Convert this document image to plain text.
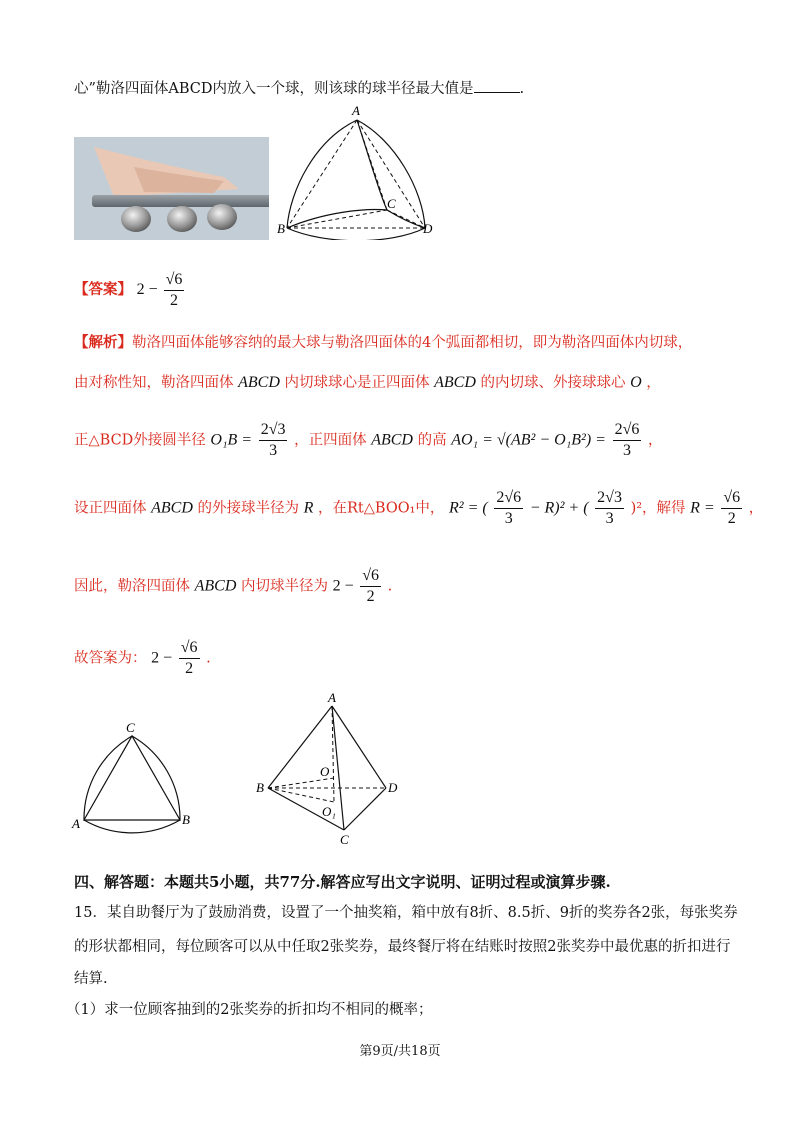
心”勒洛四面体ABCD内放入一个球，则该球的球半径最大值是	.
A
B
C
D
【答案】 $2 - \frac{√6}{2}$
【解析】勒洛四面体能够容纳的最大球与勒洛四面体的4个弧面都相切，即为勒洛四面体内切球，
由对称性知，勒洛四面体 ABCD 内切球球心是正四面体 ABCD 的内切球、外接球球心 O ，
正△BCD外接圆半径 $O_1B = \frac{2√3}{3}$ ，正四面体 ABCD 的高 $AO_1 = √(AB^2 - O_1B^2) = \frac{2√6}{3}$ ，
设正四面体 ABCD 的外接球半径为 R ，在Rt△BOO₁中， R² = ( $\frac{2√6}{3} - R)^2$ + ( $\frac{2√3}{3} )^2$，解得 $R = \frac{√6}{2}$ ，
因此，勒洛四面体 ABCD 内切球半径为 $2 - \frac{√6}{2}$ .
故答案为： $2 - \frac{√6}{2}$ .
C
A	B
A
B	D
C
O
O₁
四、解答题：本题共5小题，共77分.解答应写出文字说明、证明过程或演算步骤.
15．某自助餐厅为了鼓励消费，设置了一个抽奖箱，箱中放有8折、8.5折、9折的奖券各2张，每张奖券
的形状都相同，每位顾客可以从中任取2张奖券，最终餐厅将在结账时按照2张奖券中最优惠的折扣进行
结算.
（1）求一位顾客抽到的2张奖券的折扣均不相同的概率；
第9页/共18页
